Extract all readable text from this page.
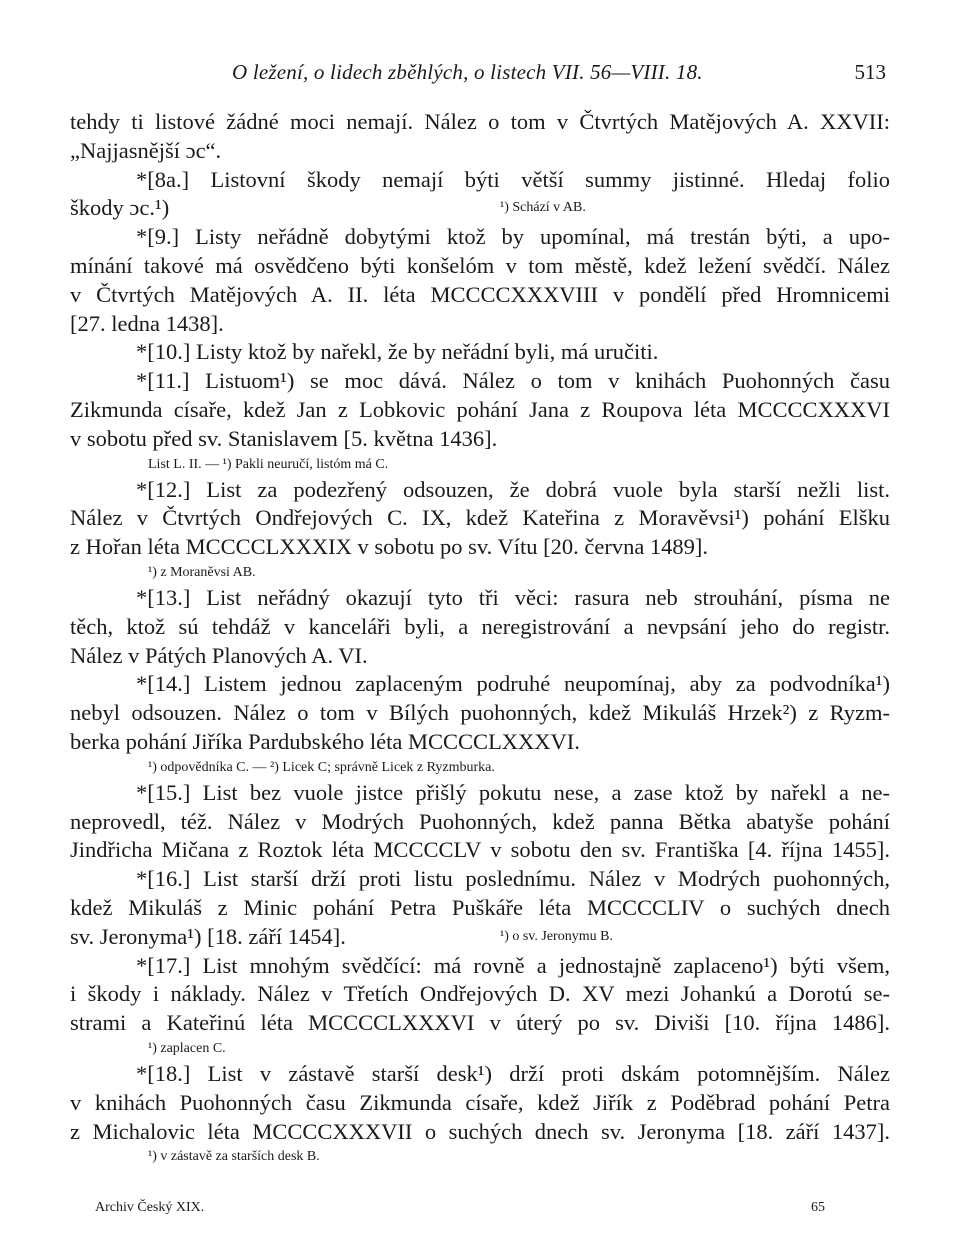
O ležení, o lidech zběhlých, o listech VII. 56—VIII. 18.	513
tehdy ti listové žádné moci nemají. Nález o tom v Čtvrtých Matějových A. XXVII:
„Najjasnější ɔc“.
*[8a.] Listovní škody nemají býti větší summy jistinné. Hledaj folio
škody ɔc.¹)	¹) Schází v AB.
*[9.] Listy neřádně dobytými ktož by upomínal, má trestán býti, a upo-
mínání takové má osvědčeno býti konšelóm v tom městě, kdež ležení svědčí. Nález
v Čtvrtých Matějových A. II. léta MCCCCXXXVIII v pondělí před Hromnicemi
[27. ledna 1438].
*[10.] Listy ktož by nařekl, že by neřádní byli, má uručiti.
*[11.] Listuom¹) se moc dává. Nález o tom v knihách Puohonných času
Zikmunda císaře, kdež Jan z Lobkovic pohání Jana z Roupova léta MCCCCXXXVI
v sobotu před sv. Stanislavem [5. května 1436].
List L. II. — ¹) Pakli neuručí, listóm má C.
*[12.] List za podezřený odsouzen, že dobrá vuole byla starší nežli list.
Nález v Čtvrtých Ondřejových C. IX, kdež Kateřina z Moravěvsi¹) pohání Elšku
z Hořan léta MCCCCLXXXIX v sobotu po sv. Vítu [20. června 1489].
¹) z Moraněvsi AB.
*[13.] List neřádný okazují tyto tři věci: rasura neb strouhání, písma ne
těch, ktož sú tehdáž v kanceláři byli, a neregistrování a nevpsání jeho do registr.
Nález v Pátých Planových A. VI.
*[14.] Listem jednou zaplaceným podruhé neupomínaj, aby za podvodníka¹)
nebyl odsouzen. Nález o tom v Bílých puohonných, kdež Mikuláš Hrzek²) z Ryzm-
berka pohání Jiříka Pardubského léta MCCCCLXXXVI.
¹) odpovědníka C. — ²) Licek C; správně Licek z Ryzmburka.
*[15.] List bez vuole jistce přišlý pokutu nese, a zase ktož by nařekl a ne-
neprovedl, též. Nález v Modrých Puohonných, kdež panna Bětka abatyše pohání
Jindřicha Mičana z Roztok léta MCCCCLV v sobotu den sv. Františka [4. října 1455].
*[16.] List starší drží proti listu poslednímu. Nález v Modrých puohonných,
kdež Mikuláš z Minic pohání Petra Puškáře léta MCCCCLIV o suchých dnech
sv. Jeronyma¹) [18. září 1454].	¹) o sv. Jeronymu B.
*[17.] List mnohým svědčící: má rovně a jednostajně zaplaceno¹) býti všem,
i škody i náklady. Nález v Třetích Ondřejových D. XV mezi Johankú a Dorotú se-
strami a Kateřinú léta MCCCCLXXXVI v úterý po sv. Diviši [10. října 1486].
¹) zaplacen C.
*[18.] List v zástavě starší desk¹) drží proti dskám potomnějším. Nález
v knihách Puohonných času Zikmunda císaře, kdež Jiřík z Poděbrad pohání Petra
z Michalovic léta MCCCCXXXVII o suchých dnech sv. Jeronyma [18. září 1437].
¹) v zástavě za starších desk B.
Archiv Český XIX.	65
